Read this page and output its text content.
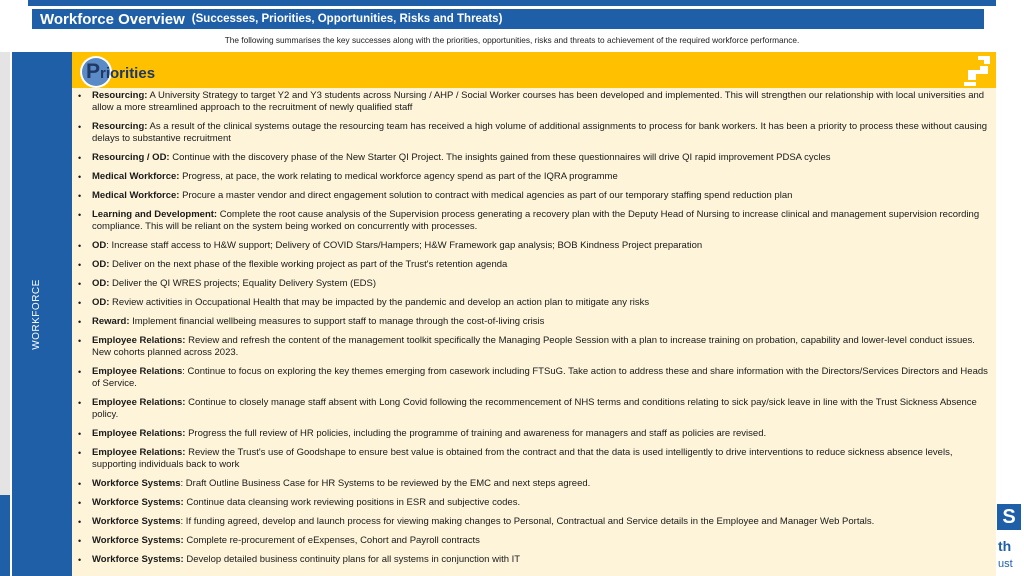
Workforce Overview (Successes, Priorities, Opportunities, Risks and Threats)
The following summarises the key successes along with the priorities, opportunities, risks and threats to achievement of the required workforce performance.
WORKFORCE
Priorities
• Resourcing: A University Strategy to target Y2 and Y3 students across Nursing / AHP / Social Worker courses has been developed and implemented. This will strengthen our relationship with local universities and allow a more streamlined approach to the recruitment of newly qualified staff
• Resourcing: As a result of the clinical systems outage the resourcing team has received a high volume of additional assignments to process for bank workers. It has been a priority to process these without causing delays to substantive recruitment
• Resourcing / OD: Continue with the discovery phase of the New Starter QI Project. The insights gained from these questionnaires will drive QI rapid improvement PDSA cycles
• Medical Workforce: Progress, at pace, the work relating to medical workforce agency spend as part of the IQRA programme
• Medical Workforce: Procure a master vendor and direct engagement solution to contract with medical agencies as part of our temporary staffing spend reduction plan
• Learning and Development: Complete the root cause analysis of the Supervision process generating a recovery plan with the Deputy Head of Nursing to increase clinical and management supervision recording compliance. This will be reliant on the system being worked on concurrently with processes.
• OD: Increase staff access to H&W support; Delivery of COVID Stars/Hampers; H&W Framework gap analysis; BOB Kindness Project preparation
• OD: Deliver on the next phase of the flexible working project as part of the Trust's retention agenda
• OD: Deliver the QI WRES projects; Equality Delivery System (EDS)
• OD: Review activities in Occupational Health that may be impacted by the pandemic and develop an action plan to mitigate any risks
• Reward: Implement financial wellbeing measures to support staff to manage through the cost-of-living crisis
• Employee Relations: Review and refresh the content of the management toolkit specifically the Managing People Session with a plan to increase training on probation, capability and lower-level conduct issues. New cohorts planned across 2023.
• Employee Relations: Continue to focus on exploring the key themes emerging from casework including FTSuG. Take action to address these and share information with the Directors/Services Directors and Heads of Service.
• Employee Relations: Continue to closely manage staff absent with Long Covid following the recommencement of NHS terms and conditions relating to sick pay/sick leave in line with the Trust Sickness Absence policy.
• Employee Relations: Progress the full review of HR policies, including the programme of training and awareness for managers and staff as policies are revised.
• Employee Relations: Review the Trust's use of Goodshape to ensure best value is obtained from the contract and that the data is used intelligently to drive interventions to reduce sickness absence levels, supporting individuals back to work
• Workforce Systems: Draft Outline Business Case for HR Systems to be reviewed by the EMC and next steps agreed.
• Workforce Systems: Continue data cleansing work reviewing positions in ESR and subjective codes.
• Workforce Systems: If funding agreed, develop and launch process for viewing making changes to Personal, Contractual and Service details in the Employee and Manager Web Portals.
• Workforce Systems: Complete re-procurement of eExpenses, Cohort and Payroll contracts
• Workforce Systems: Develop detailed business continuity plans for all systems in conjunction with IT
S
th
ust
